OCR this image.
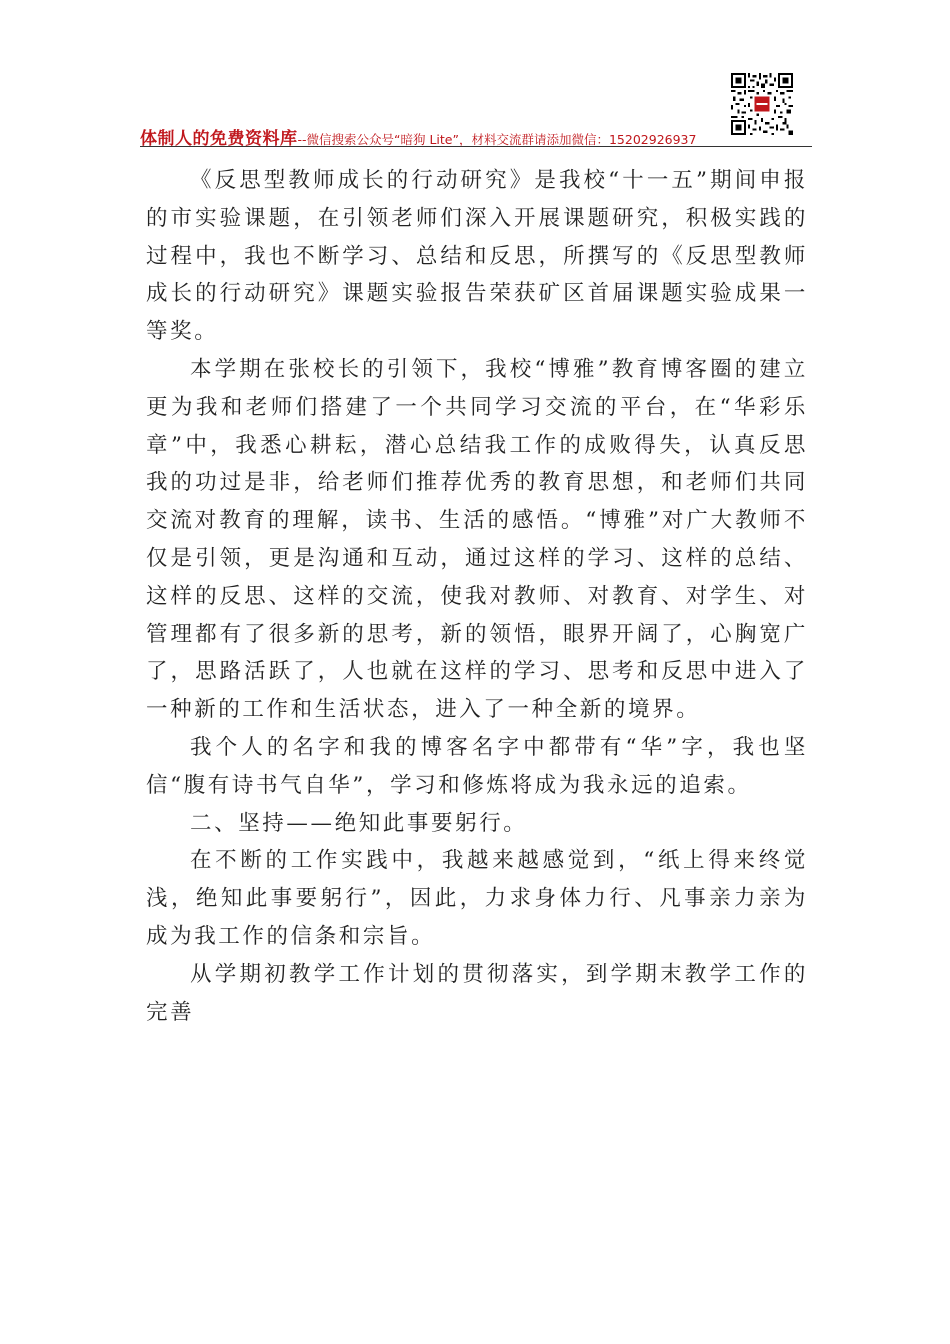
体制人的免费资料库--微信搜索公众号“暗狗 Lite”，材料交流群请添加微信：15202926937

《反思型教师成长的行动研究》是我校“十一五”期间申报的市实验课题，在引领老师们深入开展课题研究，积极实践的过程中，我也不断学习、总结和反思，所撰写的《反思型教师成长的行动研究》课题实验报告荣获矿区首届课题实验成果一等奖。

本学期在张校长的引领下，我校“博雅”教育博客圈的建立更为我和老师们搭建了一个共同学习交流的平台，在“华彩乐章”中，我悉心耕耘，潜心总结我工作的成败得失，认真反思我的功过是非，给老师们推荐优秀的教育思想，和老师们共同交流对教育的理解，读书、生活的感悟。“博雅”对广大教师不仅是引领，更是沟通和互动，通过这样的学习、这样的总结、这样的反思、这样的交流，使我对教师、对教育、对学生、对管理都有了很多新的思考，新的领悟，眼界开阔了，心胸宽广了，思路活跃了，人也就在这样的学习、思考和反思中进入了一种新的工作和生活状态，进入了一种全新的境界。

我个人的名字和我的博客名字中都带有“华”字，我也坚信“腹有诗书气自华”，学习和修炼将成为我永远的追索。

二、坚持——绝知此事要躬行。

在不断的工作实践中，我越来越感觉到，“纸上得来终觉浅，绝知此事要躬行”，因此，力求身体力行、凡事亲力亲为成为我工作的信条和宗旨。

从学期初教学工作计划的贯彻落实，到学期末教学工作的完善
